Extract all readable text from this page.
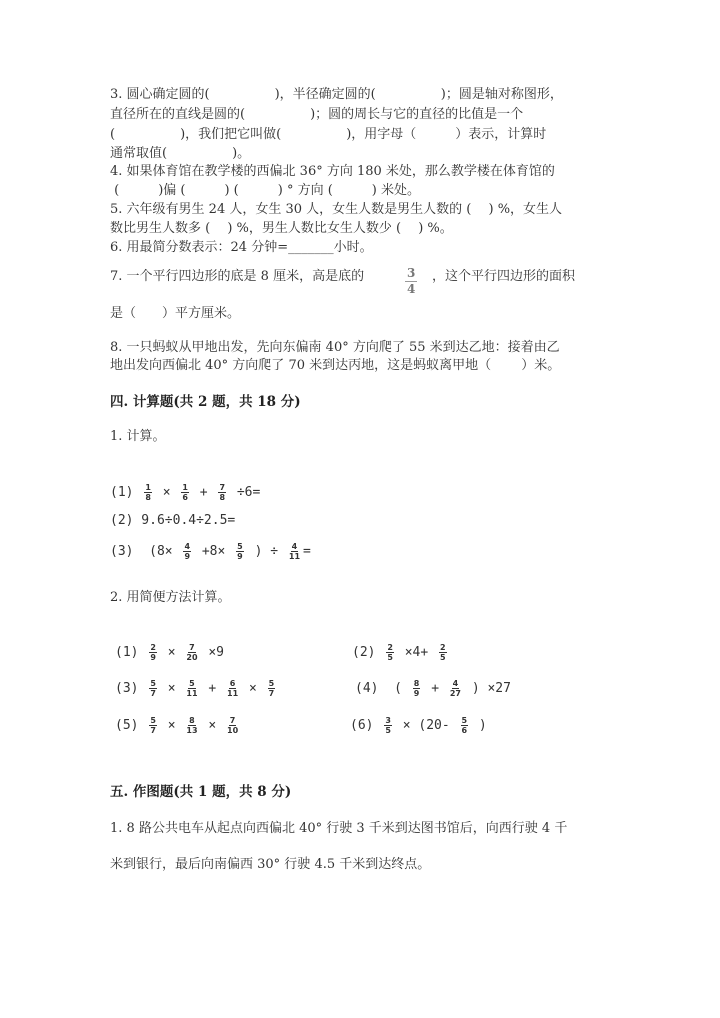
3. 圆心确定圆的(　　　　　)，半径确定圆的(　　　　　)；圆是轴对称图形，
直径所在的直线是圆的(　　　　　)；圆的周长与它的直径的比值是一个
(　　　　　)，我们把它叫做(　　　　　)，用字母（　　　）表示，计算时
通常取值(　　　　　)。
4. 如果体育馆在教学楼的西偏北 36° 方向 180 米处，那么教学楼在体育馆的
(　　　)偏 (　　　) (　　　) ° 方向 (　　　) 米处。
5. 六年级有男生 24 人，女生 30 人，女生人数是男生人数的 (　 ) %，女生人
数比男生人数多 (　 ) %，男生人数比女生人数少 (　 ) %。
6. 用最简分数表示：24 分钟=_______小时。
7. 一个平行四边形的底是 8 厘米，高是底的	$\frac{3}{4}$ ，这个平行四边形的面积
是（　　）平方厘米。
8. 一只蚂蚁从甲地出发，先向东偏南 40° 方向爬了 55 米到达乙地：接着由乙
地出发向西偏北 40° 方向爬了 70 米到达丙地，这是蚂蚁离甲地（　　 ）米。
四. 计算题(共 2 题，共 18 分)
1. 计算。
$(1) \frac{1}{8} \times \frac{1}{6} + \frac{7}{8} \div 6=$
(2) 9.6÷0.4÷2.5=
(3)  ($8\times \frac{4}{9} +8\times \frac{5}{9}$ ) ÷ $\frac{4}{11}$ =
2. 用简便方法计算。
$(1) \frac{2}{9} \times \frac{7}{20} \times 9$	$(2) \frac{2}{5} \times 4+ \frac{2}{5}$
$(3) \frac{5}{7} \times \frac{5}{11} + \frac{6}{11} \times \frac{5}{7}$	(4)  ( $\frac{8}{9} + \frac{4}{27}$ ) ×27
$(5) \frac{5}{7} \times \frac{8}{13} \times \frac{7}{10}$	$(6) \frac{3}{5} \times (20- \frac{5}{6}$ )
五. 作图题(共 1 题，共 8 分)
1. 8 路公共电车从起点向西偏北 40° 行驶 3 千米到达图书馆后，向西行驶 4 千
米到银行，最后向南偏西 30° 行驶 4.5 千米到达终点。
